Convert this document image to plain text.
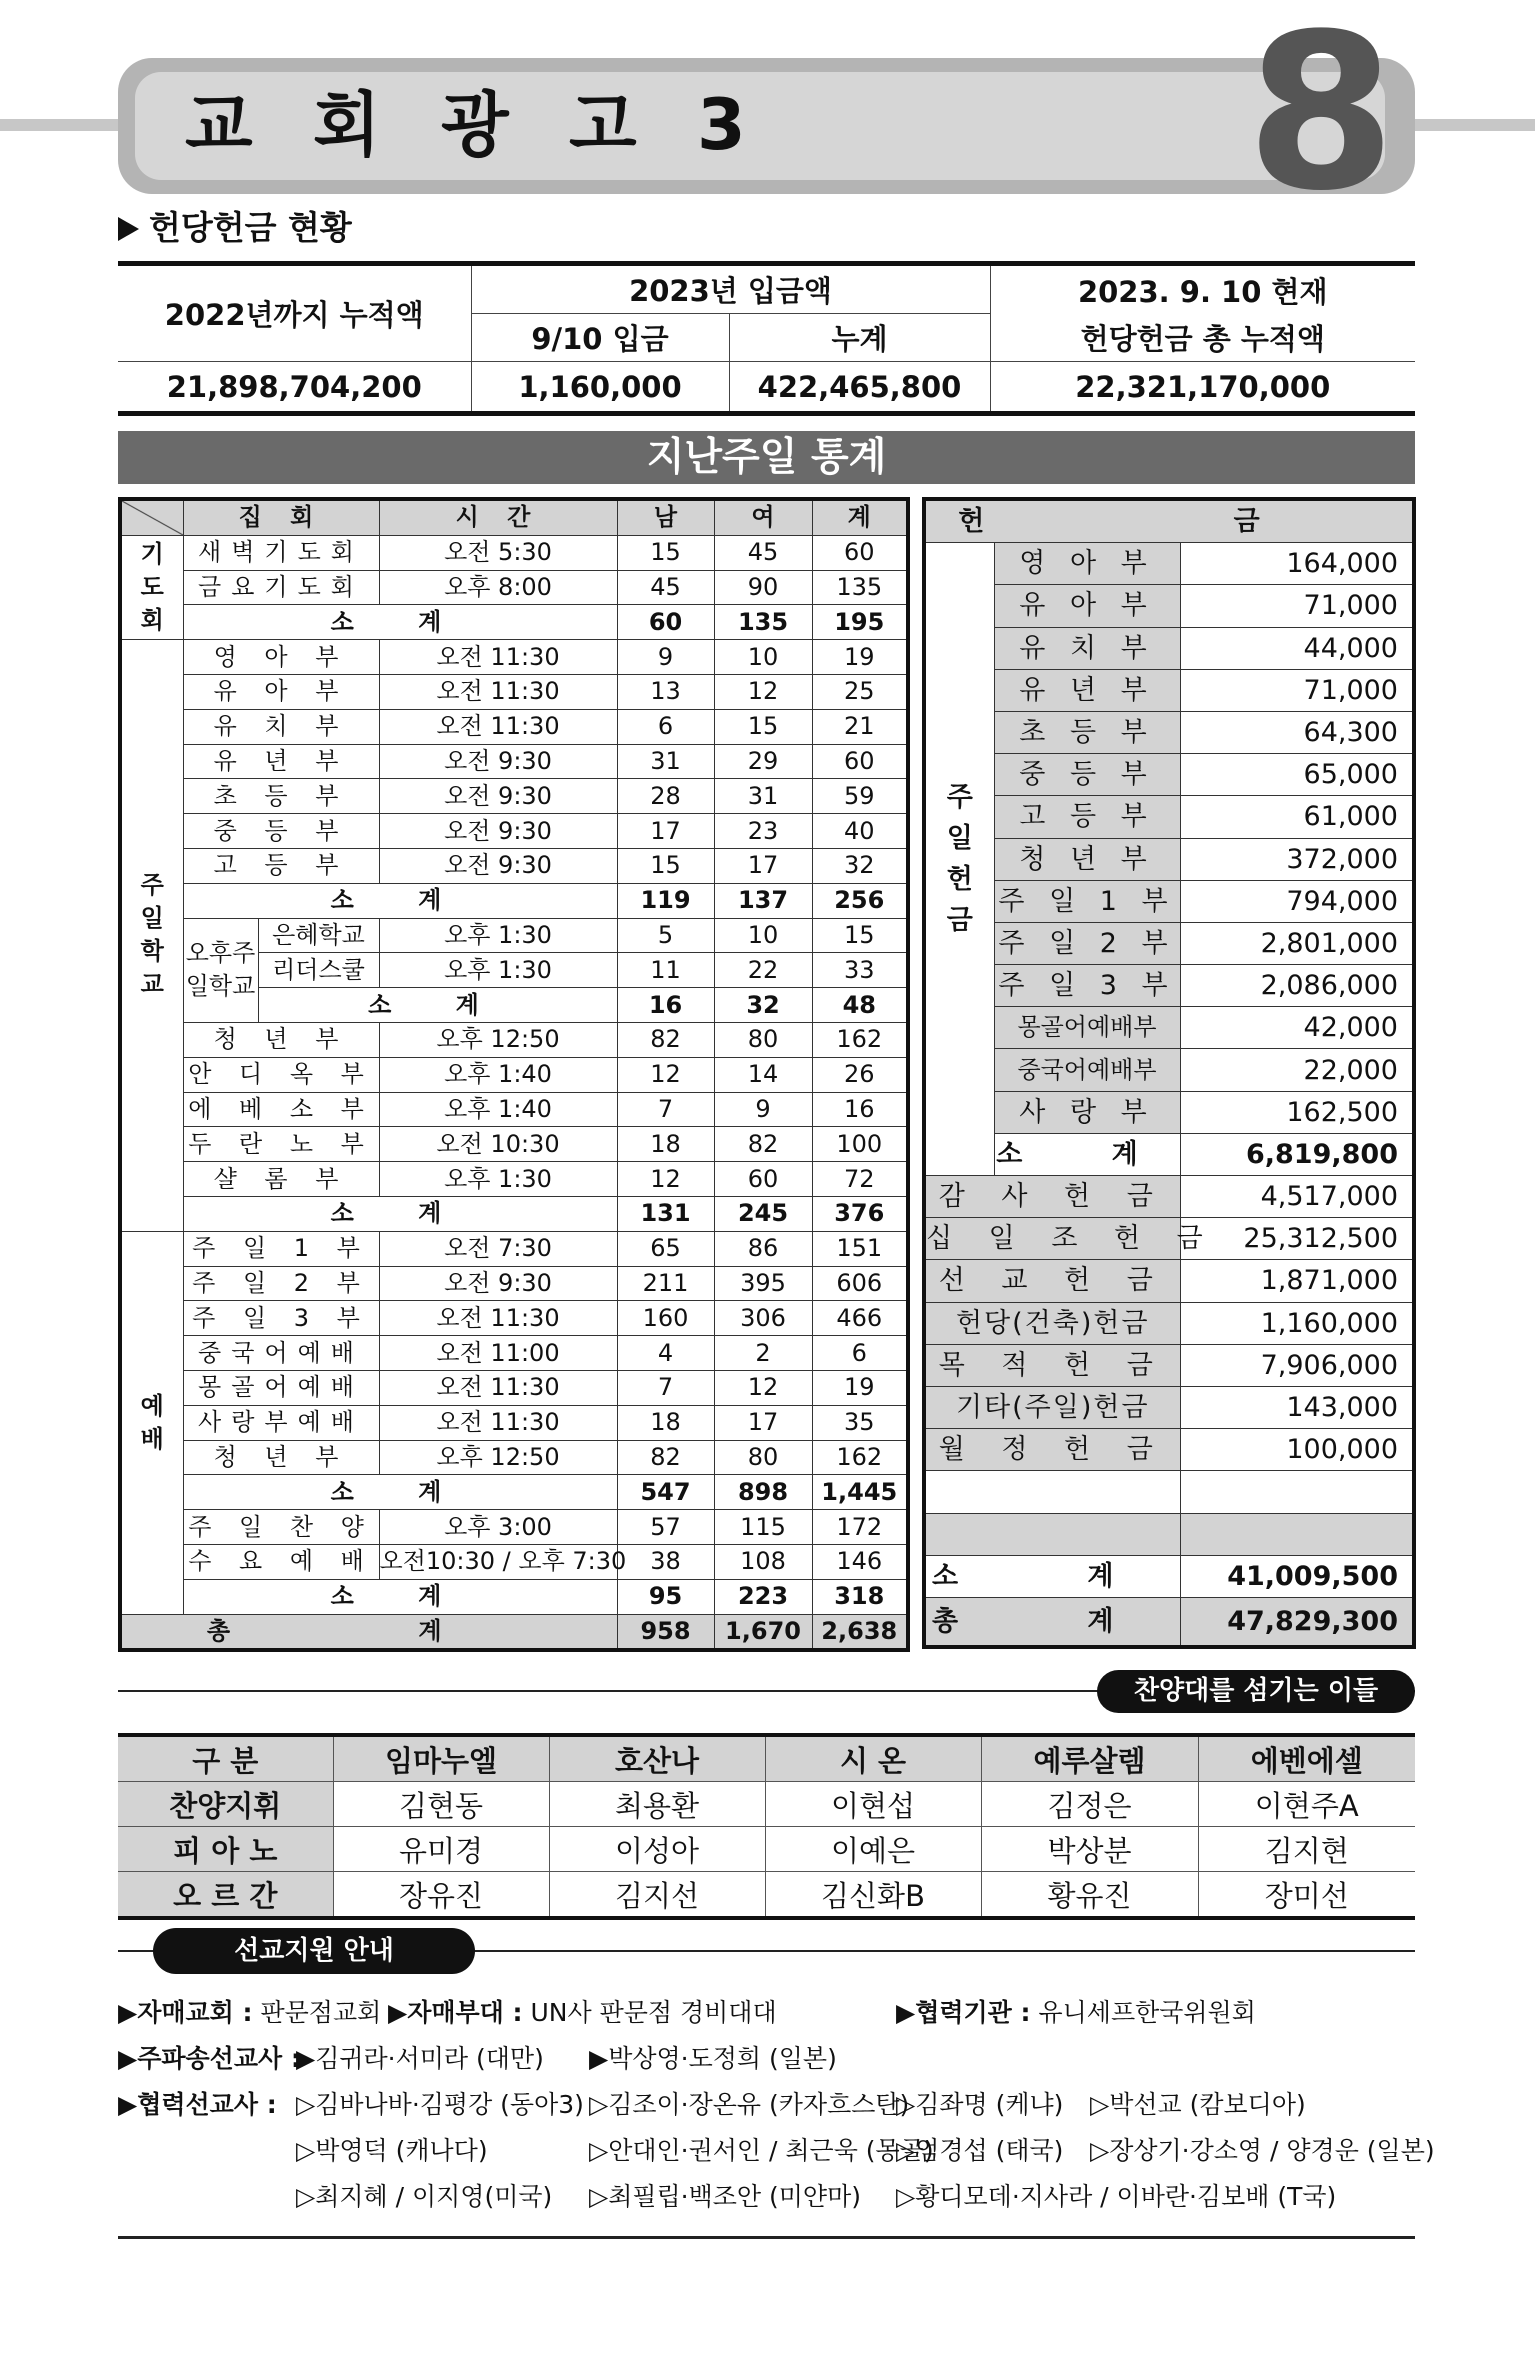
교 회 광 고 3 8
헌당헌금 현황
2022년까지 누적액	2023년 입금액		2023. 9. 10 현재
헌당헌금 총 누적액

	9/10 입금	누계	
21,898,704,200	1,160,000	422,465,800	22,321,170,000
지난주일 통계
	집 회		시 간	남	여	계

기
도
회	새벽기도회		오전 5:30	15	45	60
	금요기도회		오후 8:00	45	90	135
	소 계			60	135	195

주
일
학
교	영 아 부		오전 11:30	9	10	19
	유 아 부		오전 11:30	13	12	25
	유 치 부		오전 11:30	6	15	21
	유 년 부		오전 9:30	31	29	60
	초 등 부		오전 9:30	28	31	59
	중 등 부		오전 9:30	17	23	40
	고 등 부		오전 9:30	15	17	32
	소 계			119	137	256
	오후주일학교	은혜학교	오후 1:30	5	10	15
		리더스쿨	오후 1:30	11	22	33
		소 계		16	32	48
	청 년 부		오후 12:50	82	80	162
	안 디 옥 부		오후 1:40	12	14	26
	에 베 소 부		오후 1:40	7	9	16
	두 란 노 부		오전 10:30	18	82	100
	샬 롬 부		오후 1:30	12	60	72
	소 계			131	245	376

예
배	주 일 1 부		오전 7:30	65	86	151
	주 일 2 부		오전 9:30	211	395	606
	주 일 3 부		오전 11:30	160	306	466
	중국어예배		오전 11:00	4	2	6
	몽골어예배		오전 11:30	7	12	19
	사랑부예배		오전 11:30	18	17	35
	청 년 부		오후 12:50	82	80	162
	소 계			547	898	1,445
	주 일 찬 양		오후 3:00	57	115	172
	수 요 예 배		오전10:30 / 오후 7:30	38	108	146
	소 계			95	223	318
총 계				958	1,670	2,638
헌 금		

주
일
헌
금	영 아 부	164,000
	유 아 부	71,000
	유 치 부	44,000
	유 년 부	71,000
	초 등 부	64,300
	중 등 부	65,000
	고 등 부	61,000
	청 년 부	372,000
	주 일 1 부	794,000
	주 일 2 부	2,801,000
	주 일 3 부	2,086,000
	몽골어예배부	42,000
	중국어예배부	22,000
	사 랑 부	162,500
	소 계	6,819,800
감 사 헌 금		4,517,000
십 일 조 헌 금		25,312,500
선 교 헌 금		1,871,000
헌당(건축)헌금		1,160,000
목 적 헌 금		7,906,000
기타(주일)헌금		143,000
월 정 헌 금		100,000

소 계		41,009,500
총 계		47,829,300
찬양대를 섬기는 이들
구 분	임마누엘	호산나	시 온	예루살렘	에벤에셀
찬양지휘	김현동	최용환	이현섭	김정은	이현주A
피 아 노	유미경	이성아	이예은	박상분	김지현
오 르 간	장유진	김지선	김신화B	황유진	장미선
선교지원 안내
▶자매교회 : 판문점교회 ▶자매부대 : UN사 판문점 경비대대	▶협력기관 : 유니세프한국위원회
▶주파송선교사 :
▶김귀라·서미라 (대만) ▶박상영·도정희 (일본)
▶협력선교사 : ▷김바나바·김평강 (동아3) ▷김조이·장온유 (카자흐스탄)
▷김좌명 (케냐) ▷박선교 (캄보디아)
▷박영덕 (캐나다)	▷안대인·권서인 / 최근욱 (몽골)
▷엄경섭 (태국) ▷장상기·강소영 / 양경운 (일본)
▷최지혜 / 이지영(미국) ▷최필립·백조안 (미얀마) ▷황디모데·지사라 / 이바란·김보배 (T국)
